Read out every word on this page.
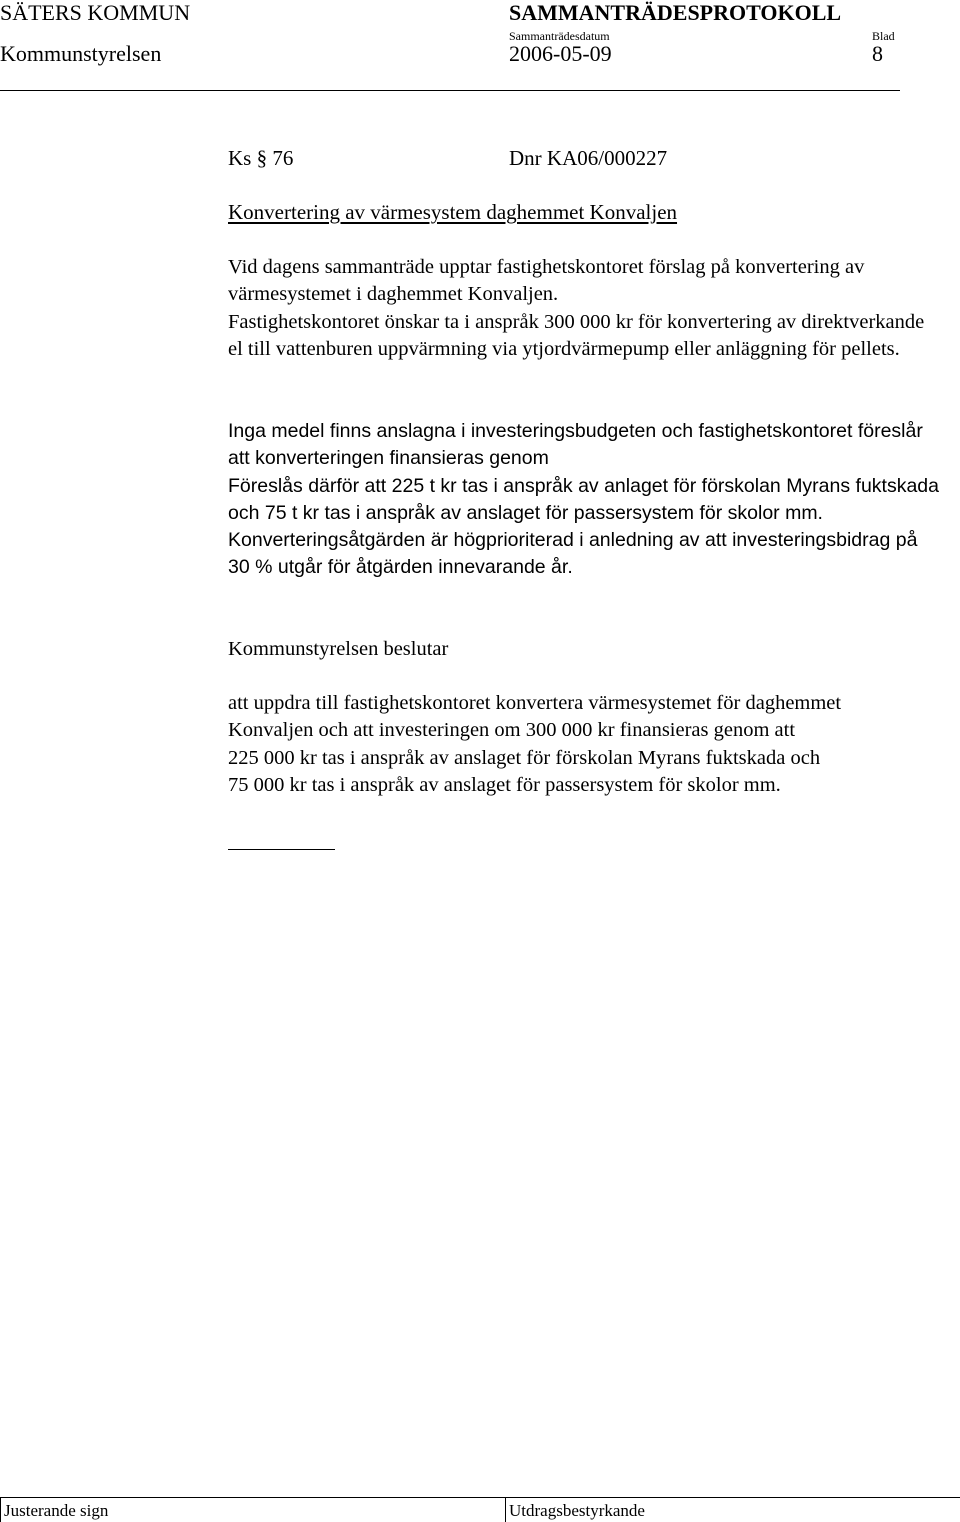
SÄTERS KOMMUN	SAMMANTRÄDESPROTOKOLL
Kommunstyrelsen
Sammanträdesdatum
2006-05-09
Blad
8
Ks § 76	Dnr KA06/000227
Konvertering av värmesystem daghemmet Konvaljen

Vid dagens sammanträde upptar fastighetskontoret förslag på konvertering av värmesystemet i daghemmet Konvaljen.

Fastighetskontoret önskar ta i anspråk 300 000 kr för konvertering av direktverkande el till vattenburen uppvärmning via ytjordvärmepump eller anläggning för pellets.

Inga medel finns anslagna i investeringsbudgeten och fastighetskontoret föreslår att konverteringen finansieras genom

Föreslås därför att 225 t kr tas i anspråk av anlaget för förskolan Myrans fuktskada och 75 t kr tas i anspråk av anslaget för passersystem för skolor mm.

Konverteringsåtgärden är högprioriterad i anledning av att investeringsbidrag på 30 % utgår för åtgärden innevarande år.

Kommunstyrelsen beslutar

att uppdra till fastighetskontoret konvertera värmesystemet för daghemmet

Konvaljen och att investeringen om 300 000 kr finansieras genom att

225 000 kr tas i anspråk av anslaget för förskolan Myrans fuktskada och

75 000 kr tas i anspråk av anslaget för passersystem för skolor mm.

Justerande sign	Utdragsbestyrkande
